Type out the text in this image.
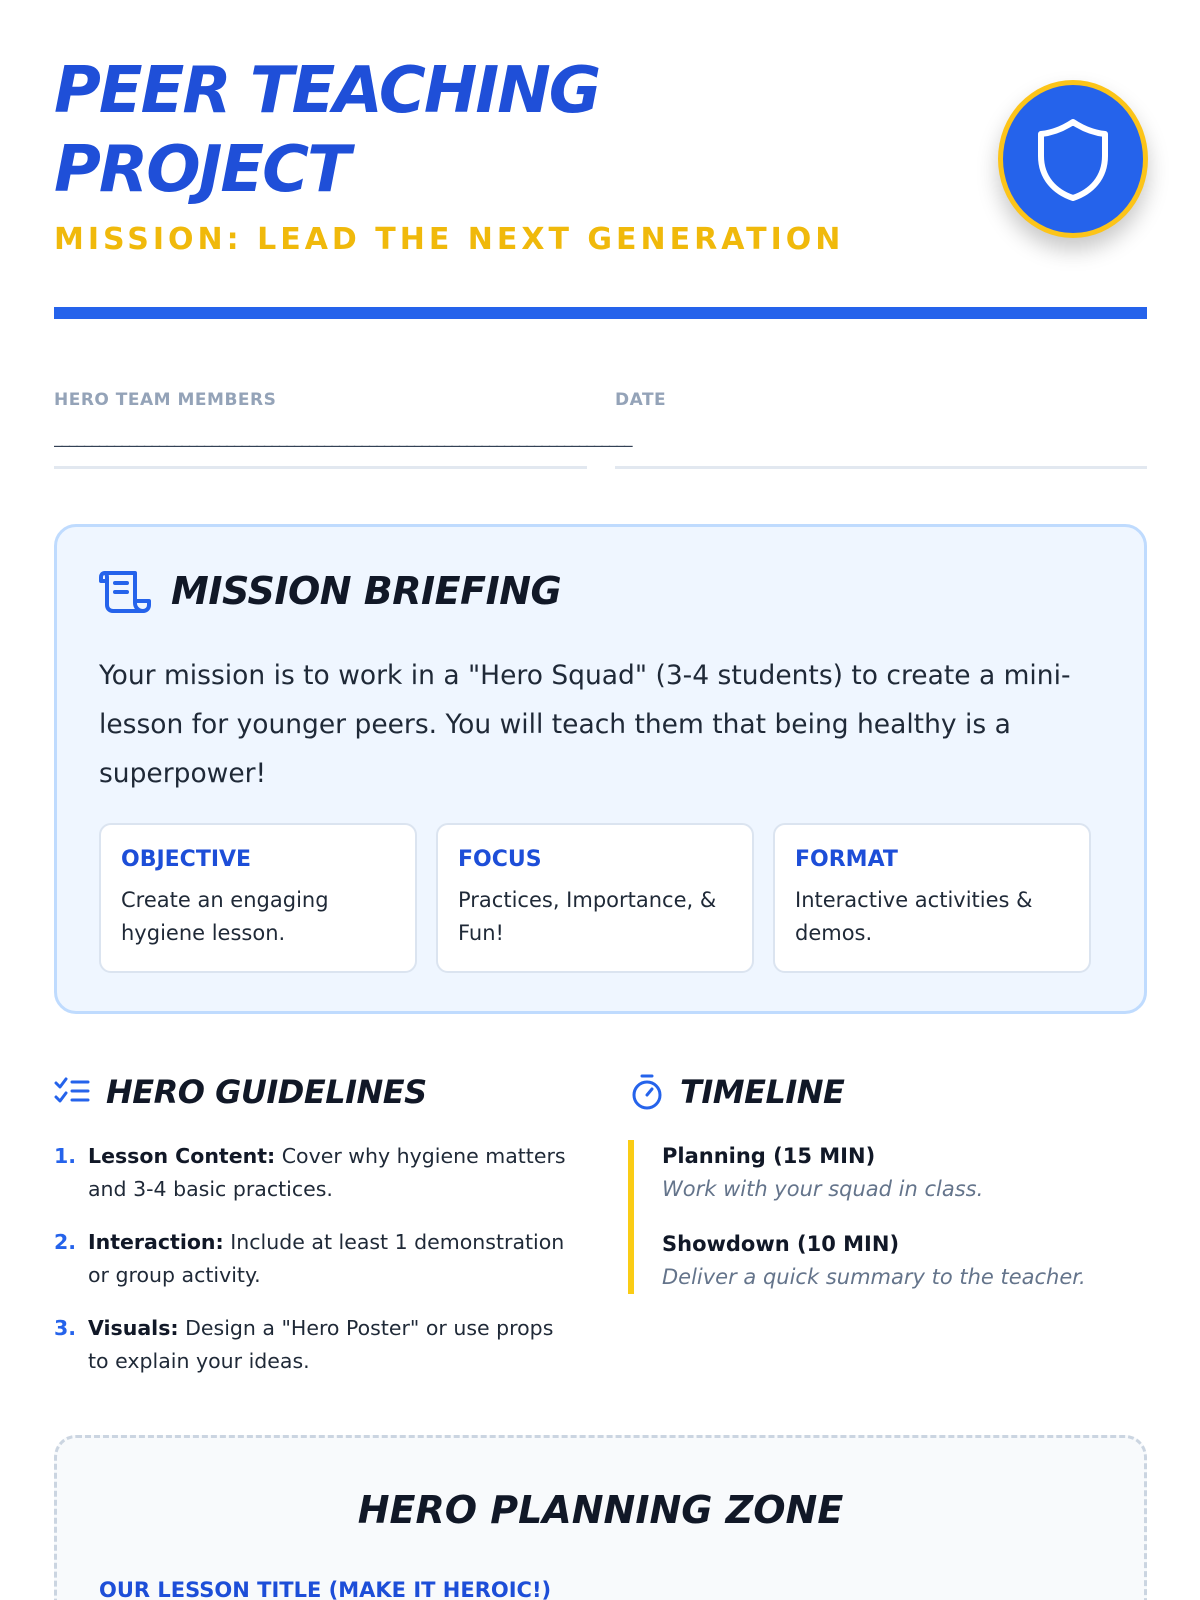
PEER TEACHING
PROJECT
MISSION: LEAD THE NEXT GENERATION
HERO TEAM MEMBERS	DATE
_____________________________________________________________________________
MISSION BRIEFING

Your mission is to work in a "Hero Squad" (3-4 students) to create a mini-lesson for younger peers. You will teach them that being healthy is a superpower!

OBJECTIVE
Create an engaging hygiene lesson.
FOCUS
Practices, Importance, & Fun!
FORMAT
Interactive activities & demos.
HERO GUIDELINES
1. Lesson Content: Cover why hygiene matters and 3-4 basic practices.
2. Interaction: Include at least 1 demonstration or group activity.
3. Visuals: Design a "Hero Poster" or use props to explain your ideas.
TIMELINE
Planning (15 MIN)
Work with your squad in class.
Showdown (10 MIN)
Deliver a quick summary to the teacher.
HERO PLANNING ZONE
OUR LESSON TITLE (MAKE IT HEROIC!)
